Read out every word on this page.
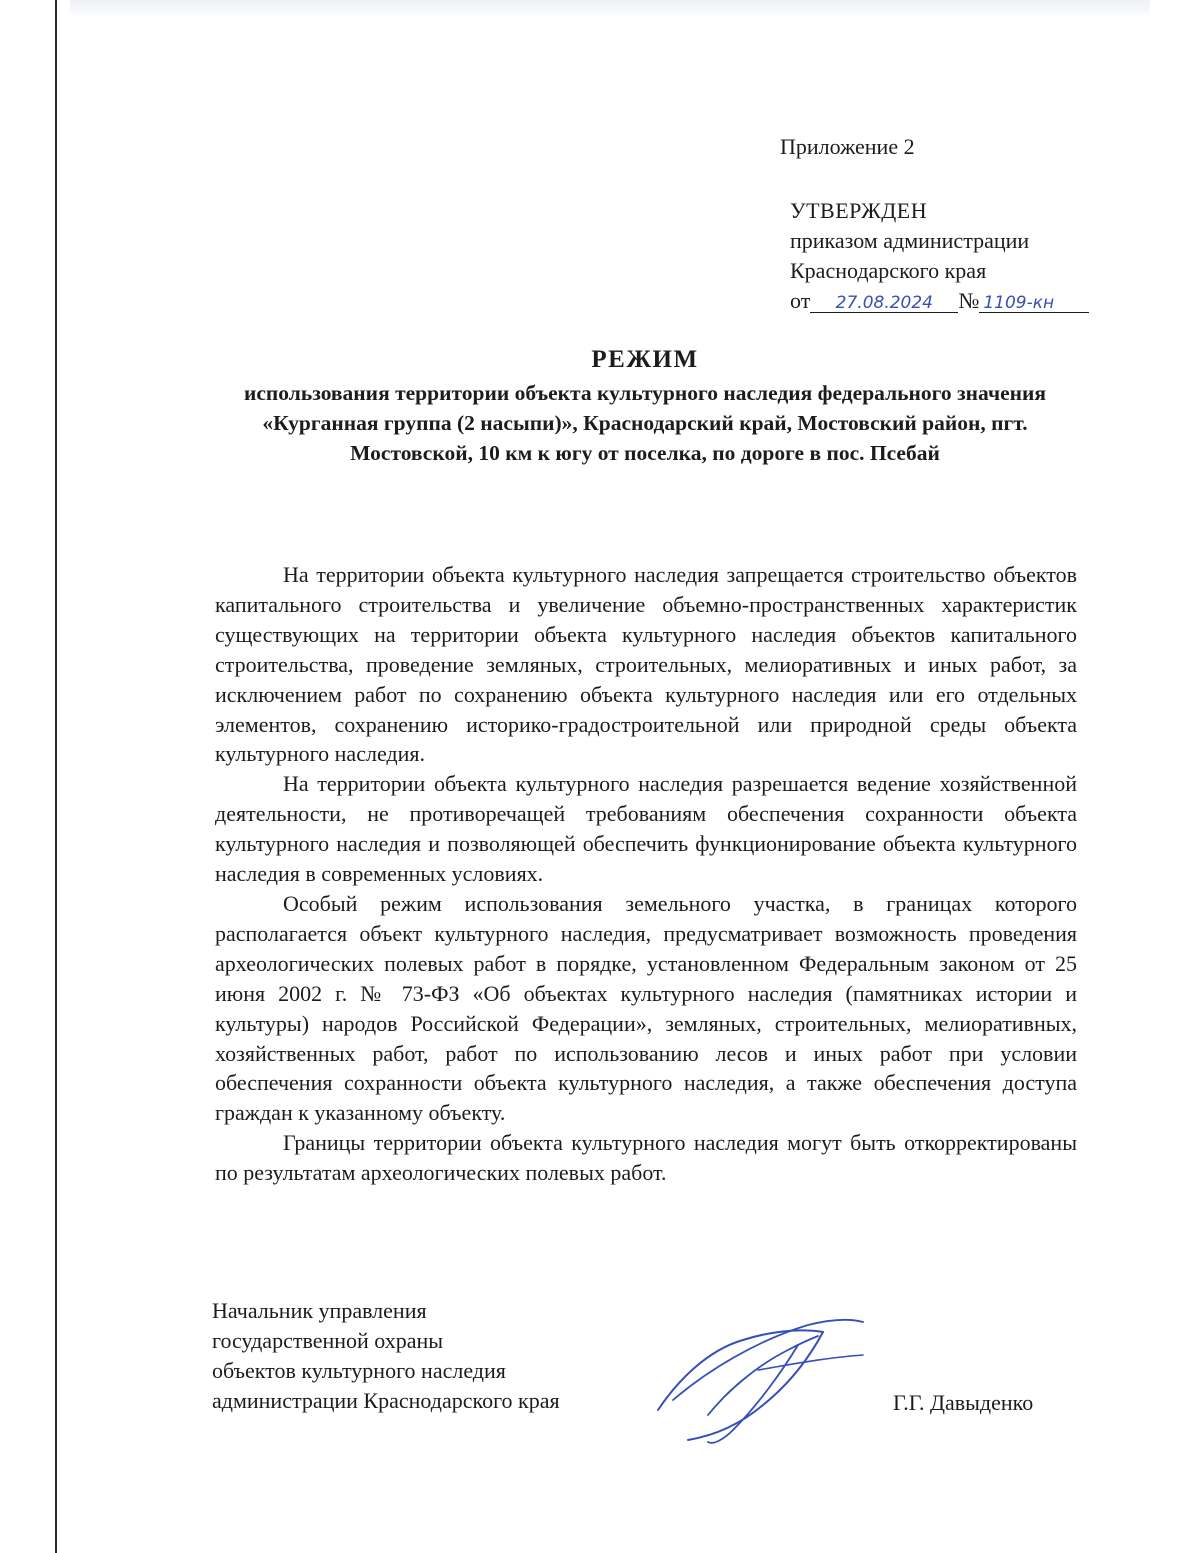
Приложение 2

УТВЕРЖДЕН

приказом администрации

Краснодарского края

от 27.08.2024 № 1109-кн

РЕЖИМ

использования территории объекта культурного наследия федерального значения «Курганная группа (2 насыпи)», Краснодарский край, Мостовский район, пгт. Мостовской, 10 км к югу от поселка, по дороге в пос. Псебай

На территории объекта культурного наследия запрещается строительство объектов капитального строительства и увеличение объемно-пространственных характеристик существующих на территории объекта культурного наследия объектов капитального строительства, проведение земляных, строительных, мелиоративных и иных работ, за исключением работ по сохранению объекта культурного наследия или его отдельных элементов, сохранению историко-градостроительной или природной среды объекта культурного наследия.

На территории объекта культурного наследия разрешается ведение хозяйственной деятельности, не противоречащей требованиям обеспечения сохранности объекта культурного наследия и позволяющей обеспечить функционирование объекта культурного наследия в современных условиях.

Особый режим использования земельного участка, в границах которого располагается объект культурного наследия, предусматривает возможность проведения археологических полевых работ в порядке, установленном Федеральным законом от 25 июня 2002 г. № 73-ФЗ «Об объектах культурного наследия (памятниках истории и культуры) народов Российской Федерации», земляных, строительных, мелиоративных, хозяйственных работ, работ по использованию лесов и иных работ при условии обеспечения сохранности объекта культурного наследия, а также обеспечения доступа граждан к указанному объекту.

Границы территории объекта культурного наследия могут быть откорректированы по результатам археологических полевых работ.

Начальник управления

государственной охраны

объектов культурного наследия

администрации Краснодарского края	Г.Г. Давыденко
